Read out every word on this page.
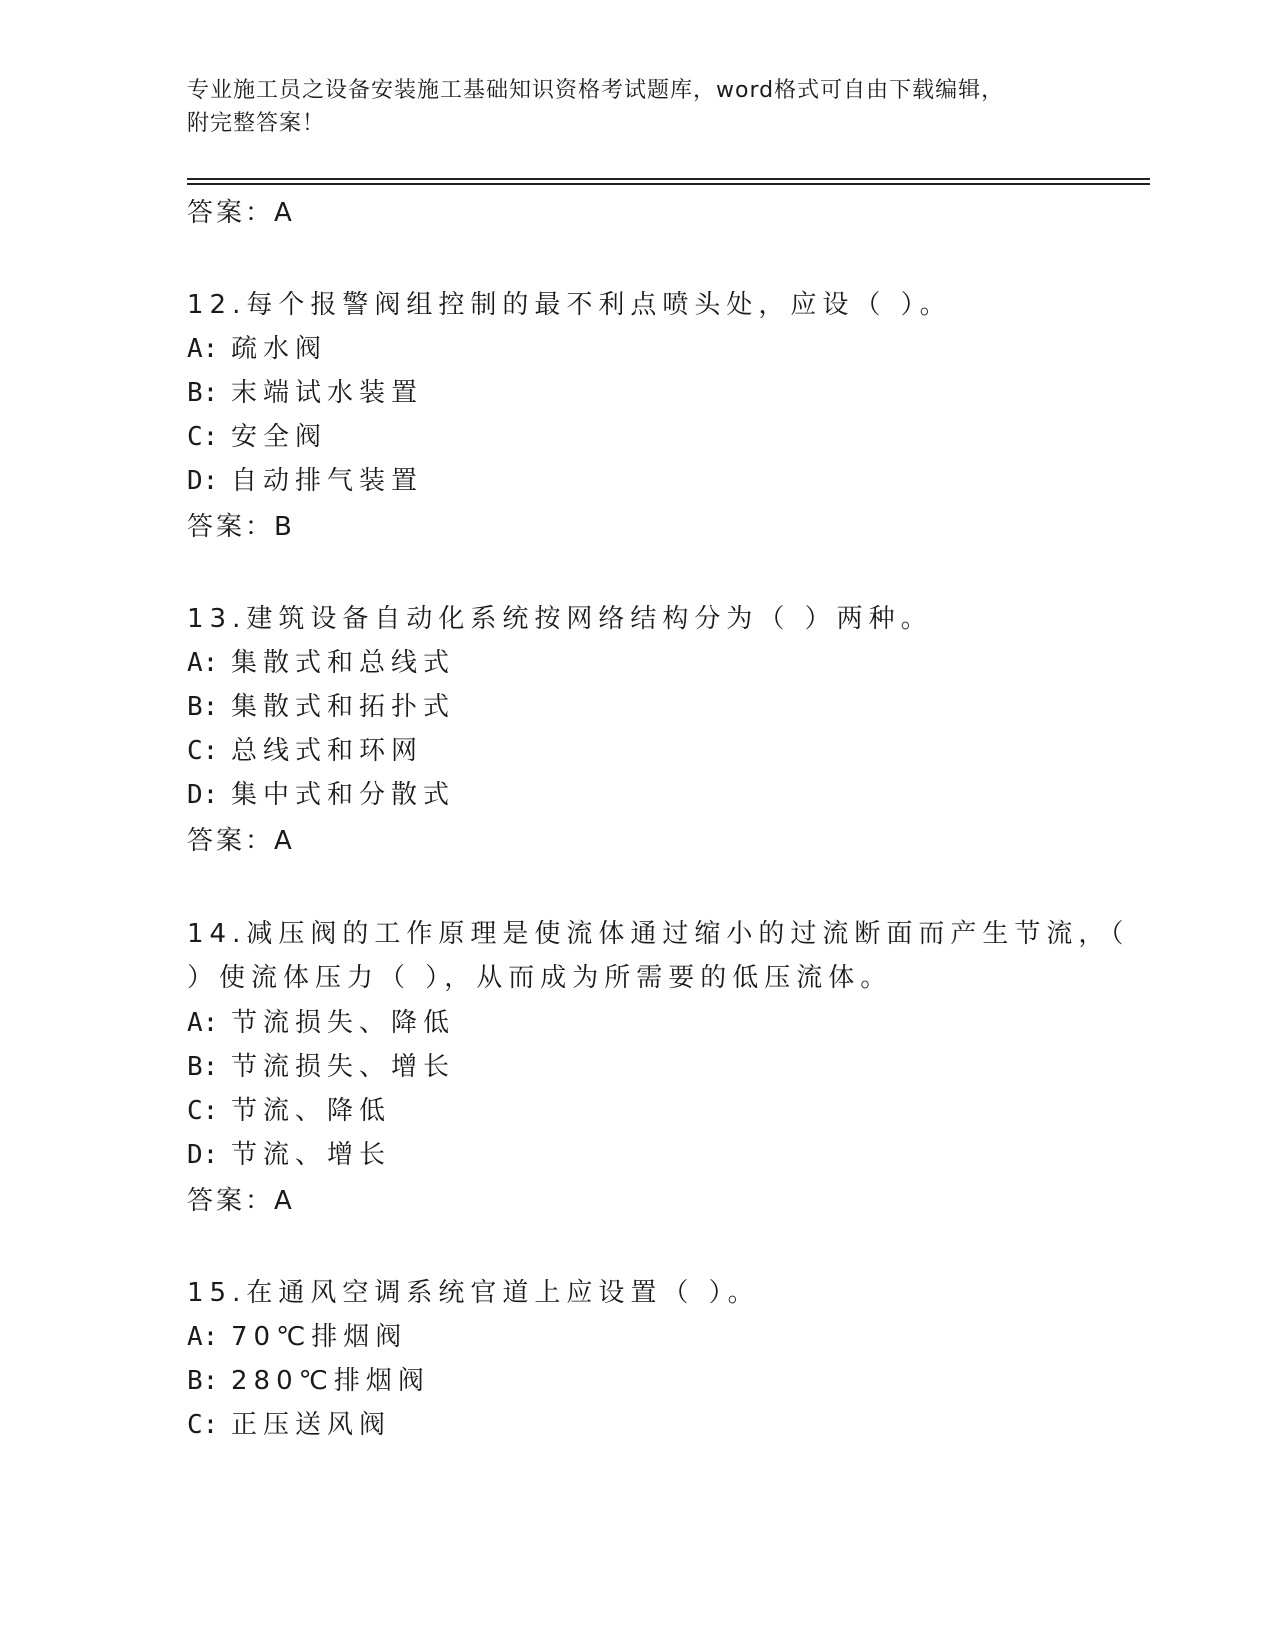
专业施工员之设备安装施工基础知识资格考试题库，word格式可自由下载编辑，
附完整答案！
答案：A
12.每个报警阀组控制的最不利点喷头处，应设（ ）。
A: 疏水阀
B: 末端试水装置
C: 安全阀
D: 自动排气装置
答案：B
13.建筑设备自动化系统按网络结构分为（ ）两种。
A: 集散式和总线式
B: 集散式和拓扑式
C: 总线式和环网
D: 集中式和分散式
答案：A
14.减压阀的工作原理是使流体通过缩小的过流断面而产生节流，（
）使流体压力（ ），从而成为所需要的低压流体。
A: 节流损失、降低
B: 节流损失、增长
C: 节流、降低
D: 节流、增长
答案：A
15.在通风空调系统官道上应设置（ ）。
A: 70℃排烟阀
B: 280℃排烟阀
C: 正压送风阀
